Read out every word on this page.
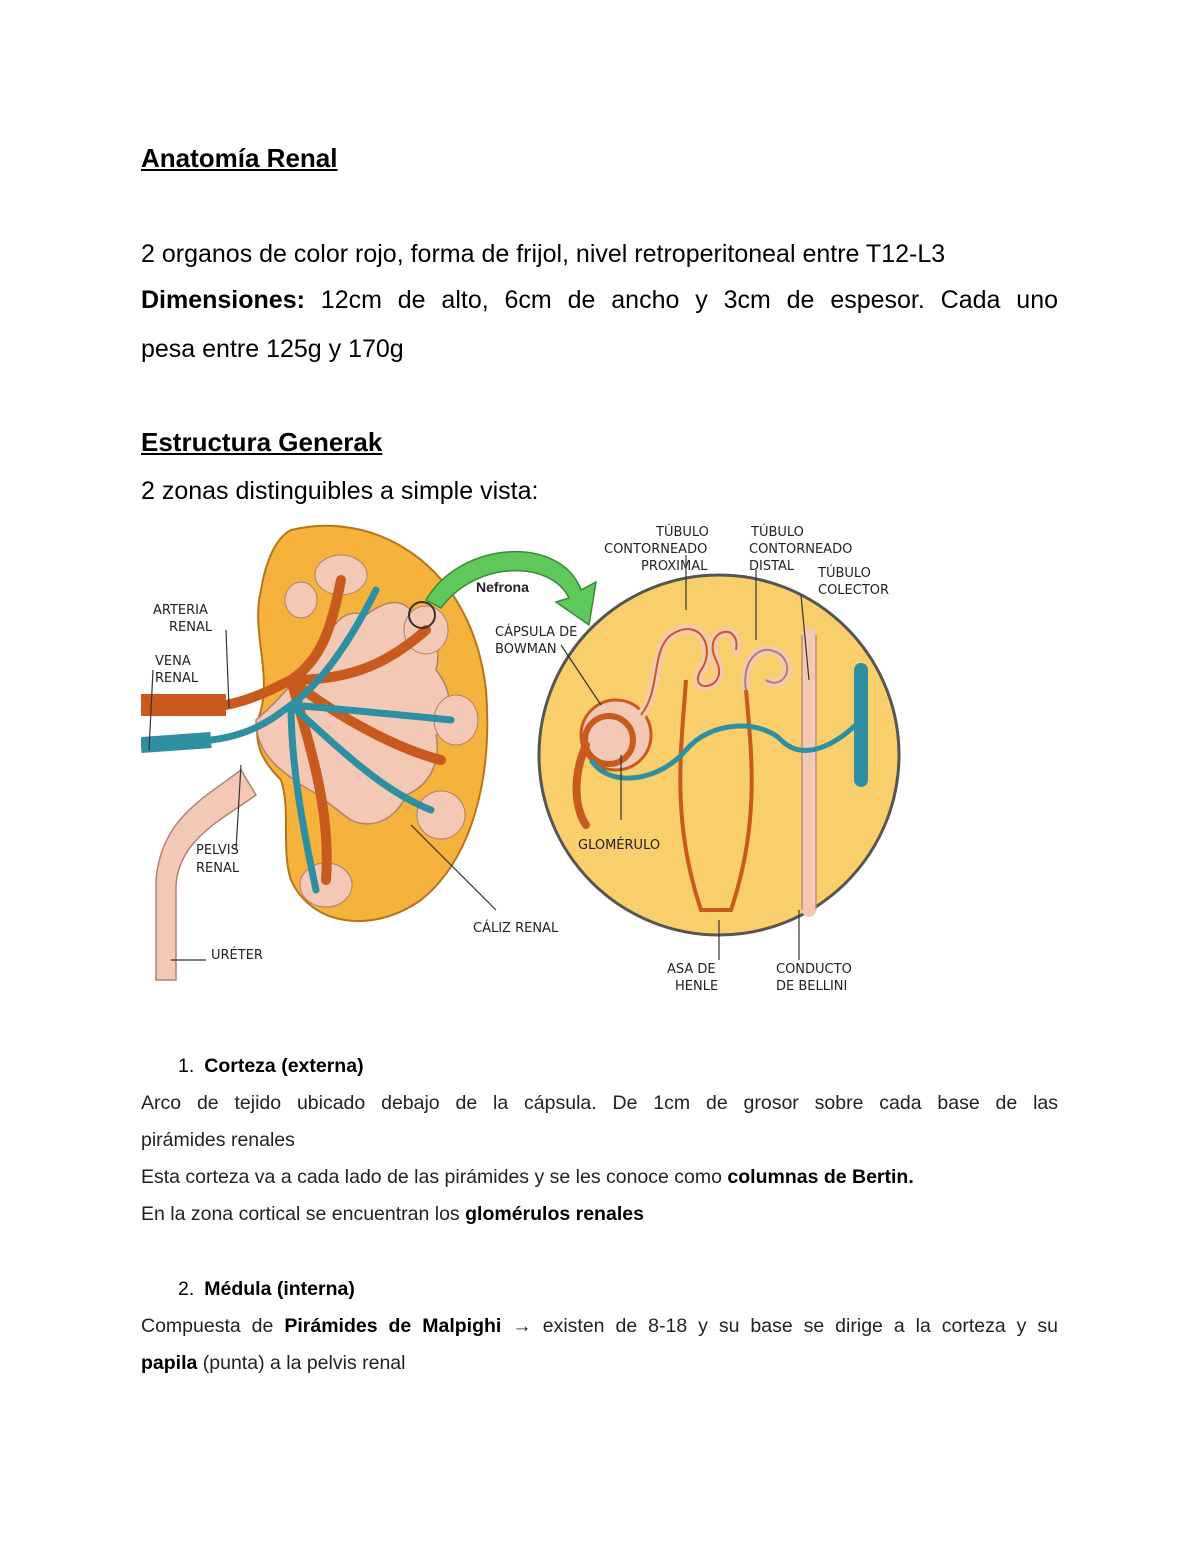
Anatomía Renal
2 organos de color rojo, forma de frijol, nivel retroperitoneal entre T12-L3
Dimensiones: 12cm de alto, 6cm de ancho y 3cm de espesor. Cada uno
pesa entre 125g y 170g
Estructura Generak
2 zonas distinguibles a simple vista:
Nefrona
ARTERIA
RENAL
VENA
RENAL
PELVIS
RENAL
URÉTER
CÁLIZ RENAL
TÚBULO
CONTORNEADO
PROXIMAL
TÚBULO
CONTORNEADO
DISTAL TÚBULO
COLECTOR
CÁPSULA DE
BOWMAN
GLOMÉRULO
ASA DE
HENLE
CONDUCTO
DE BELLINI
1. Corteza (externa)
Arco de tejido ubicado debajo de la cápsula. De 1cm de grosor sobre cada base de las
pirámides renales
Esta corteza va a cada lado de las pirámides y se les conoce como columnas de Bertin.
En la zona cortical se encuentran los glomérulos renales
2. Médula (interna)
Compuesta de Pirámides de Malpighi → existen de 8-18 y su base se dirige a la corteza y su
papila (punta) a la pelvis renal
